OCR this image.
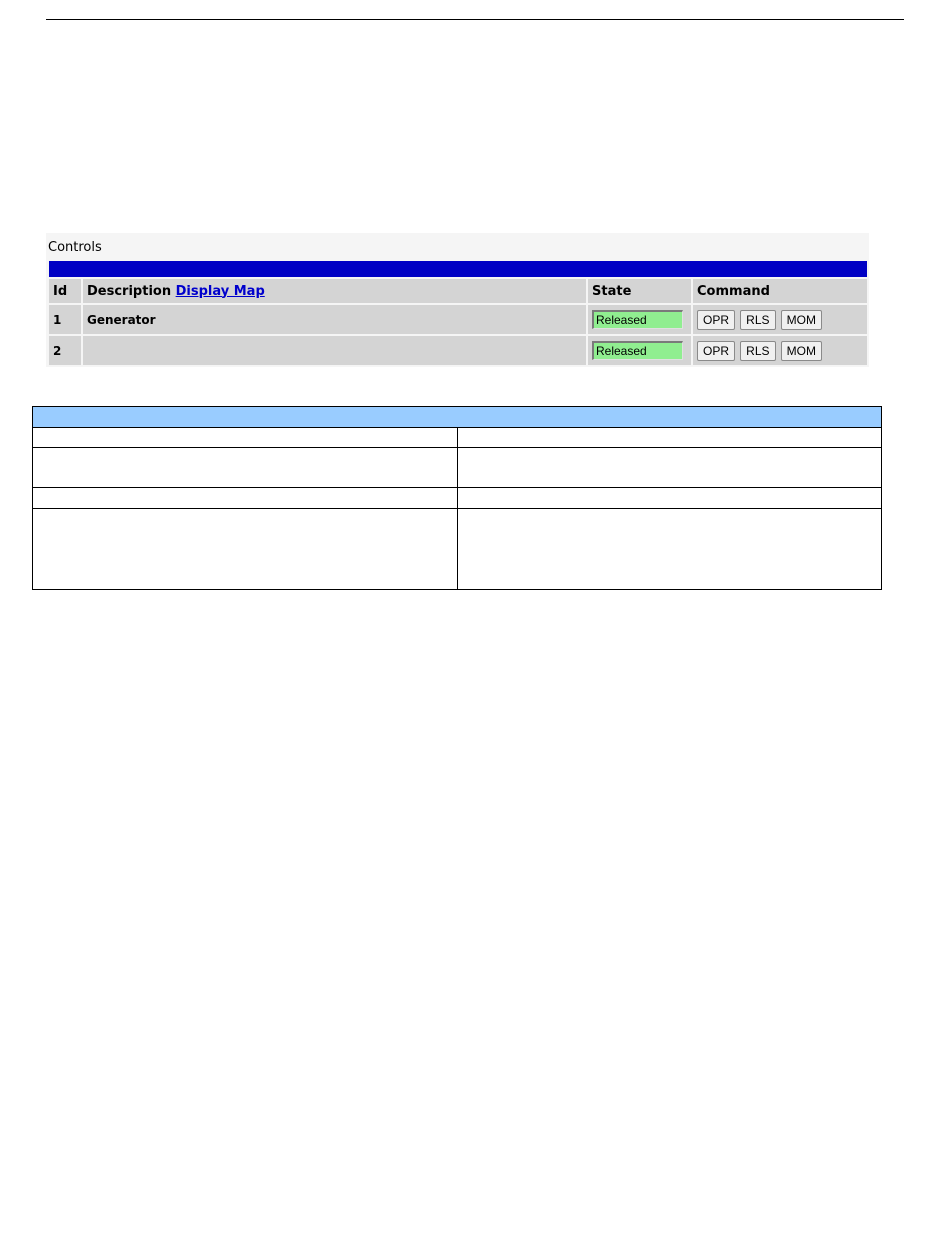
Controls
Id	Description Display Map	State	Command
1	Generator	Released	OPR RLS MOM
2		Released	OPR RLS MOM
